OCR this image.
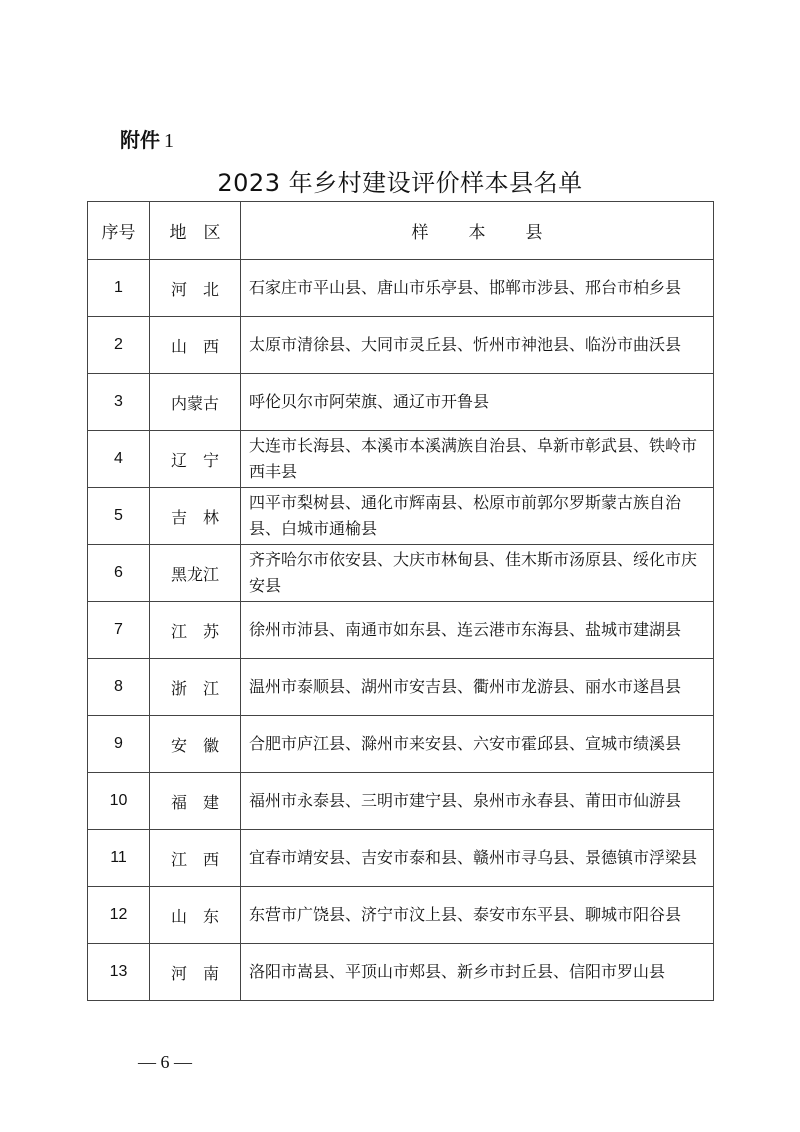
附件 1
2023 年乡村建设评价样本县名单
序号	地　区	样 本 县
1	河　北	石家庄市平山县、唐山市乐亭县、邯郸市涉县、邢台市柏乡县
2	山　西	太原市清徐县、大同市灵丘县、忻州市神池县、临汾市曲沃县
3	内蒙古	呼伦贝尔市阿荣旗、通辽市开鲁县
4	辽　宁	大连市长海县、本溪市本溪满族自治县、阜新市彰武县、铁岭市西丰县
5	吉　林	四平市梨树县、通化市辉南县、松原市前郭尔罗斯蒙古族自治县、白城市通榆县
6	黑龙江	齐齐哈尔市依安县、大庆市林甸县、佳木斯市汤原县、绥化市庆安县
7	江　苏	徐州市沛县、南通市如东县、连云港市东海县、盐城市建湖县
8	浙　江	温州市泰顺县、湖州市安吉县、衢州市龙游县、丽水市遂昌县
9	安　徽	合肥市庐江县、滁州市来安县、六安市霍邱县、宣城市绩溪县
10	福　建	福州市永泰县、三明市建宁县、泉州市永春县、莆田市仙游县
11	江　西	宜春市靖安县、吉安市泰和县、赣州市寻乌县、景德镇市浮梁县
12	山　东	东营市广饶县、济宁市汶上县、泰安市东平县、聊城市阳谷县
13	河　南	洛阳市嵩县、平顶山市郏县、新乡市封丘县、信阳市罗山县
— 6 —
